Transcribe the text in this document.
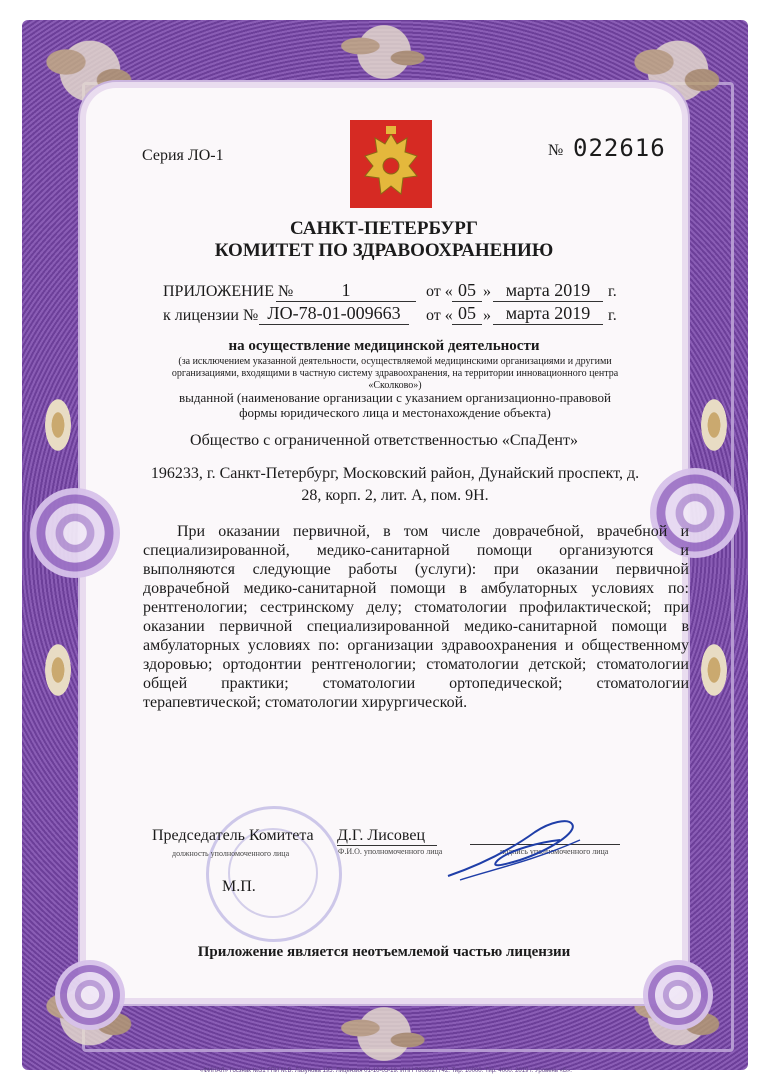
Серия ЛО-1	№ 022616
САНКТ-ПЕТЕРБУРГ
КОМИТЕТ ПО ЗДРАВООХРАНЕНИЮ
ПРИЛОЖЕНИЕ №	1	от « 05 » марта 2019	г.
к лицензии № ЛО-78-01-009663	от « 05 » марта 2019	г.
на осуществление медицинской деятельности
(за исключением указанной деятельности, осуществляемой медицинскими организациями и другими организациями, входящими в частную систему здравоохранения, на территории инновационного центра «Сколково»)
выданной (наименование организации с указанием организационно-правовой формы юридического лица и местонахождение объекта)
Общество с ограниченной ответственностью «СпаДент»
196233, г. Санкт-Петербург, Московский район, Дунайский проспект, д. 28, корп. 2, лит. А, пом. 9Н.
При оказании первичной, в том числе доврачебной, врачебной и специализированной, медико-санитарной помощи организуются и выполняются следующие работы (услуги): при оказании первичной доврачебной медико-санитарной помощи в амбулаторных условиях по: рентгенологии; сестринскому делу; стоматологии профилактической; при оказании первичной специализированной медико-санитарной помощи в амбулаторных условиях по: организации здравоохранения и общественному здоровью; ортодонтии рентгенологии; стоматологии детской; стоматологии общей практики; стоматологии ортопедической; стоматологии терапевтической; стоматологии хирургической.
Председатель Комитета Д.Г. Лисовец
должность уполномоченного лица	Ф.И.О. уполномоченного лица	подпись уполномоченного лица
М.П.
Приложение является неотъемлемой частью лицензии
«ФИНАЛ» Госзнак №31 ГПИ М.В. Лазунова 195. Лицензия 01-10-05-19. ИНН 7808027742. Тир. 10000. Тир. 4000. 2019 г. Уровень «Б».
